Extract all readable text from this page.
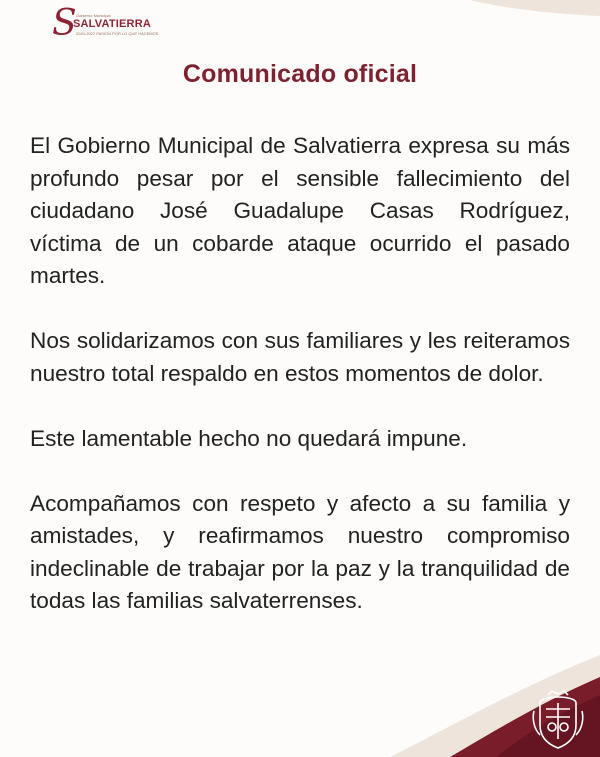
S Gobierno Municipal
SALVATIERRA
2024-2027 PASION POR LO QUE HACEMOS
Comunicado oficial

El Gobierno Municipal de Salvatierra expresa su más profundo pesar por el sensible fallecimiento del ciudadano José Guadalupe Casas Rodríguez, víctima de un cobarde ataque ocurrido el pasado martes.

Nos solidarizamos con sus familiares y les reiteramos nuestro total respaldo en estos momentos de dolor.

Este lamentable hecho no quedará impune.

Acompañamos con respeto y afecto a su familia y amistades, y reafirmamos nuestro compromiso indeclinable de trabajar por la paz y la tranquilidad de todas las familias salvaterrenses.
